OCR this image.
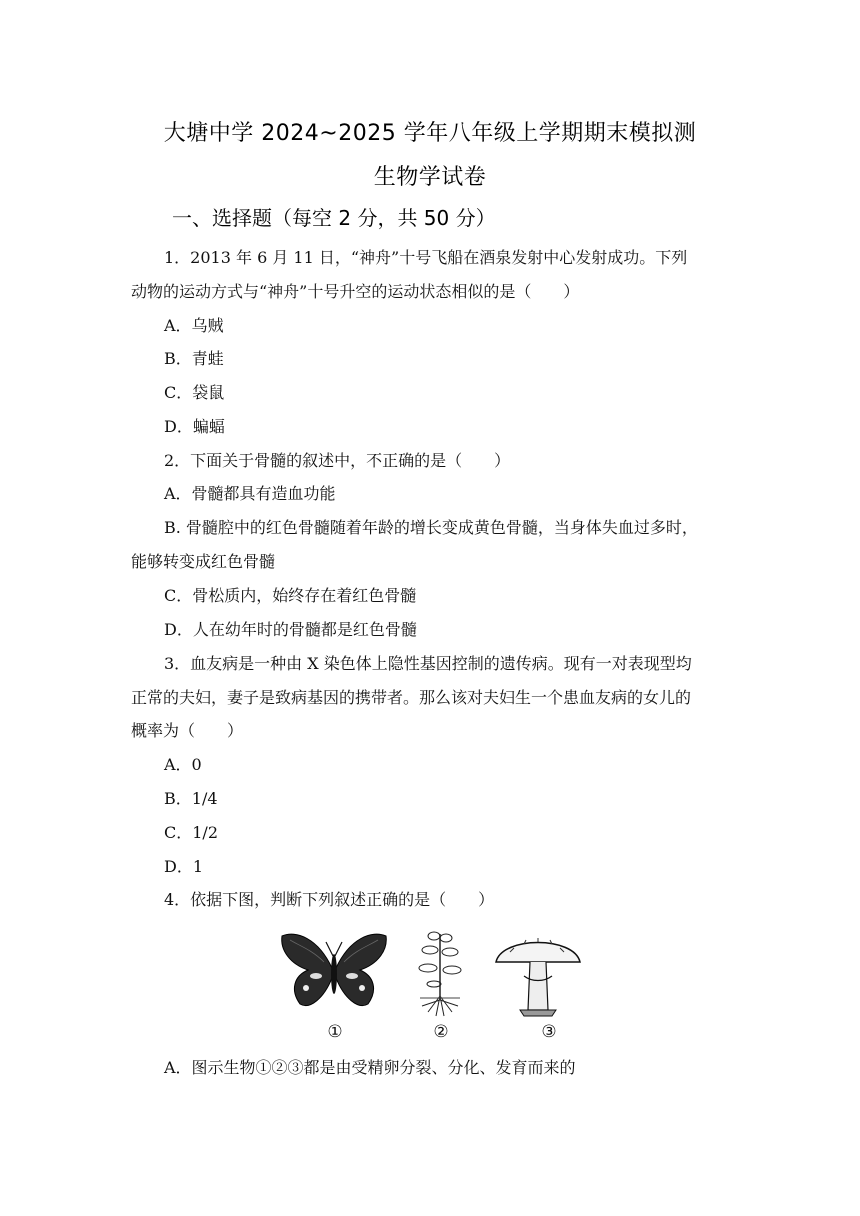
大塘中学 2024~2025 学年八年级上学期期末模拟测
生物学试卷
一、选择题（每空 2 分，共 50 分）
1．2013 年 6 月 11 日，“神舟”十号飞船在酒泉发射中心发射成功。下列
动物的运动方式与“神舟”十号升空的运动状态相似的是（　　）
A．乌贼
B．青蛙
C．袋鼠
D．蝙蝠
2．下面关于骨髓的叙述中，不正确的是（　　）
A．骨髓都具有造血功能
B. 骨髓腔中的红色骨髓随着年龄的增长变成黄色骨髓，当身体失血过多时，
能够转变成红色骨髓
C．骨松质内，始终存在着红色骨髓
D．人在幼年时的骨髓都是红色骨髓
3．血友病是一种由 X 染色体上隐性基因控制的遗传病。现有一对表现型均
正常的夫妇，妻子是致病基因的携带者。那么该对夫妇生一个患血友病的女儿的
概率为（　　）
A．0
B．1/4
C．1/2
D．1
4．依据下图，判断下列叙述正确的是（　　）
①	②	③
A．图示生物①②③都是由受精卵分裂、分化、发育而来的
